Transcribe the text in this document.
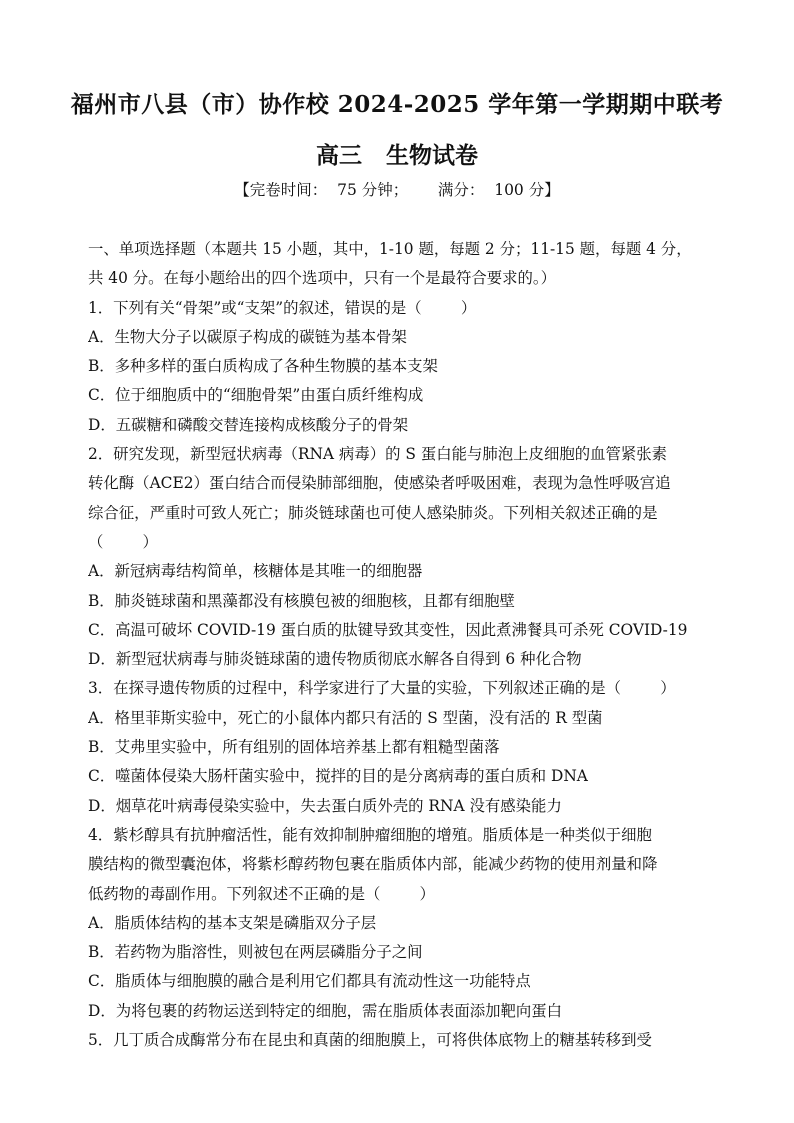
福州市八县（市）协作校 2024-2025 学年第一学期期中联考
高三   生物试卷
【完卷时间：  75 分钟；      满分：  100 分】
一、单项选择题（本题共 15 小题，其中，1-10 题，每题 2 分；11-15 题，每题 4 分，
共 40 分。在每小题给出的四个选项中，只有一个是最符合要求的。）
1．下列有关“骨架”或“支架”的叙述，错误的是（        ）
A．生物大分子以碳原子构成的碳链为基本骨架
B．多种多样的蛋白质构成了各种生物膜的基本支架
C．位于细胞质中的“细胞骨架”由蛋白质纤维构成
D．五碳糖和磷酸交替连接构成核酸分子的骨架
2．研究发现，新型冠状病毒（RNA 病毒）的 S 蛋白能与肺泡上皮细胞的血管紧张素
转化酶（ACE2）蛋白结合而侵染肺部细胞，使感染者呼吸困难，表现为急性呼吸宫追
综合征，严重时可致人死亡；肺炎链球菌也可使人感染肺炎。下列相关叙述正确的是
（        ）
A．新冠病毒结构简单，核糖体是其唯一的细胞器
B．肺炎链球菌和黑藻都没有核膜包被的细胞核，且都有细胞壁
C．高温可破坏 COVID-19 蛋白质的肽键导致其变性，因此煮沸餐具可杀死 COVID-19
D．新型冠状病毒与肺炎链球菌的遗传物质彻底水解各自得到 6 种化合物
3．在探寻遗传物质的过程中，科学家进行了大量的实验，下列叙述正确的是（        ）
A．格里菲斯实验中，死亡的小鼠体内都只有活的 S 型菌，没有活的 R 型菌
B．艾弗里实验中，所有组别的固体培养基上都有粗糙型菌落
C．噬菌体侵染大肠杆菌实验中，搅拌的目的是分离病毒的蛋白质和 DNA
D．烟草花叶病毒侵染实验中，失去蛋白质外壳的 RNA 没有感染能力
4．紫杉醇具有抗肿瘤活性，能有效抑制肿瘤细胞的增殖。脂质体是一种类似于细胞
膜结构的微型囊泡体，将紫杉醇药物包裹在脂质体内部，能减少药物的使用剂量和降
低药物的毒副作用。下列叙述不正确的是（        ）
A．脂质体结构的基本支架是磷脂双分子层
B．若药物为脂溶性，则被包在两层磷脂分子之间
C．脂质体与细胞膜的融合是利用它们都具有流动性这一功能特点
D．为将包裹的药物运送到特定的细胞，需在脂质体表面添加靶向蛋白
5．几丁质合成酶常分布在昆虫和真菌的细胞膜上，可将供体底物上的糖基转移到受
